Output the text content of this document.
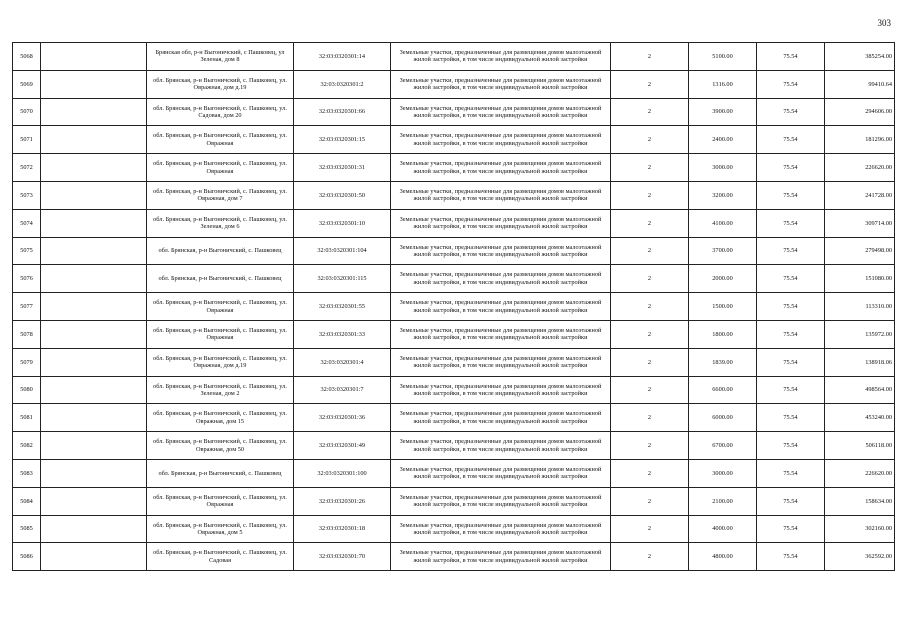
303
5068		Брянская обл, р-н Выгоничский, с Пашковец, ул Зеленая, дом 8	32:03:0320301:14	Земельные участки, предназначенные для размещения домов малоэтажной жилой застройки, в том числе индивидуальной жилой застройки	2	5100.00	75.54	385254.00
5069		обл. Брянская, р-н Выгоничский, с. Пашковец, ул. Овражная, дом д.19	32:03:0320301:2	Земельные участки, предназначенные для размещения домов малоэтажной жилой застройки, в том числе индивидуальной жилой застройки	2	1316.00	75.54	99410.64
5070		обл. Брянская, р-н Выгоничский, с. Пашковец, ул. Садовая, дом 20	32:03:0320301:66	Земельные участки, предназначенные для размещения домов малоэтажной жилой застройки, в том числе индивидуальной жилой застройки	2	3900.00	75.54	294606.00
5071		обл. Брянская, р-н Выгоничский, с. Пашковец, ул. Овражная	32:03:0320301:15	Земельные участки, предназначенные для размещения домов малоэтажной жилой застройки, в том числе индивидуальной жилой застройки	2	2400.00	75.54	181296.00
5072		обл. Брянская, р-н Выгоничский, с. Пашковец, ул. Овражная	32:03:0320301:31	Земельные участки, предназначенные для размещения домов малоэтажной жилой застройки, в том числе индивидуальной жилой застройки	2	3000.00	75.54	226620.00
5073		обл. Брянская, р-н Выгоничский, с. Пашковец, ул. Овражная, дом 7	32:03:0320301:50	Земельные участки, предназначенные для размещения домов малоэтажной жилой застройки, в том числе индивидуальной жилой застройки	2	3200.00	75.54	241728.00
5074		обл. Брянская, р-н Выгоничский, с. Пашковец, ул. Зеленая, дом 6	32:03:0320301:10	Земельные участки, предназначенные для размещения домов малоэтажной жилой застройки, в том числе индивидуальной жилой застройки	2	4100.00	75.54	309714.00
5075		обл. Брянская, р-н Выгоничский, с. Пашковец	32:03:0320301:104	Земельные участки, предназначенные для размещения домов малоэтажной жилой застройки, в том числе индивидуальной жилой застройки	2	3700.00	75.54	279498.00
5076		обл. Брянская, р-н Выгоничский, с. Пашковец	32:03:0320301:115	Земельные участки, предназначенные для размещения домов малоэтажной жилой застройки, в том числе индивидуальной жилой застройки	2	2000.00	75.54	151080.00
5077		обл. Брянская, р-н Выгоничский, с. Пашковец, ул. Овражная	32:03:0320301:55	Земельные участки, предназначенные для размещения домов малоэтажной жилой застройки, в том числе индивидуальной жилой застройки	2	1500.00	75.54	113310.00
5078		обл. Брянская, р-н Выгоничский, с. Пашковец, ул. Овражная	32:03:0320301:33	Земельные участки, предназначенные для размещения домов малоэтажной жилой застройки, в том числе индивидуальной жилой застройки	2	1800.00	75.54	135972.00
5079		обл. Брянская, р-н Выгоничский, с. Пашковец, ул. Овражная, дом д.19	32:03:0320301:4	Земельные участки, предназначенные для размещения домов малоэтажной жилой застройки, в том числе индивидуальной жилой застройки	2	1839.00	75.54	138918.06
5080		обл. Брянская, р-н Выгоничский, с. Пашковец, ул. Зеленая, дом 2	32:03:0320301:7	Земельные участки, предназначенные для размещения домов малоэтажной жилой застройки, в том числе индивидуальной жилой застройки	2	6600.00	75.54	498564.00
5081		обл. Брянская, р-н Выгоничский, с. Пашковец, ул. Овражная, дом 15	32:03:0320301:36	Земельные участки, предназначенные для размещения домов малоэтажной жилой застройки, в том числе индивидуальной жилой застройки	2	6000.00	75.54	453240.00
5082		обл. Брянская, р-н Выгоничский, с. Пашковец, ул. Овражная, дом 50	32:03:0320301:49	Земельные участки, предназначенные для размещения домов малоэтажной жилой застройки, в том числе индивидуальной жилой застройки	2	6700.00	75.54	506118.00
5083		обл. Брянская, р-н Выгоничский, с. Пашковец	32:03:0320301:100	Земельные участки, предназначенные для размещения домов малоэтажной жилой застройки, в том числе индивидуальной жилой застройки	2	3000.00	75.54	226620.00
5084		обл. Брянская, р-н Выгоничский, с. Пашковец, ул. Овражная	32:03:0320301:26	Земельные участки, предназначенные для размещения домов малоэтажной жилой застройки, в том числе индивидуальной жилой застройки	2	2100.00	75.54	158634.00
5085		обл. Брянская, р-н Выгоничский, с. Пашковец, ул. Овражная, дом 5	32:03:0320301:18	Земельные участки, предназначенные для размещения домов малоэтажной жилой застройки, в том числе индивидуальной жилой застройки	2	4000.00	75.54	302160.00
5086		обл. Брянская, р-н Выгоничский, с. Пашковец, ул. Садовая	32:03:0320301:70	Земельные участки, предназначенные для размещения домов малоэтажной жилой застройки, в том числе индивидуальной жилой застройки	2	4800.00	75.54	362592.00
